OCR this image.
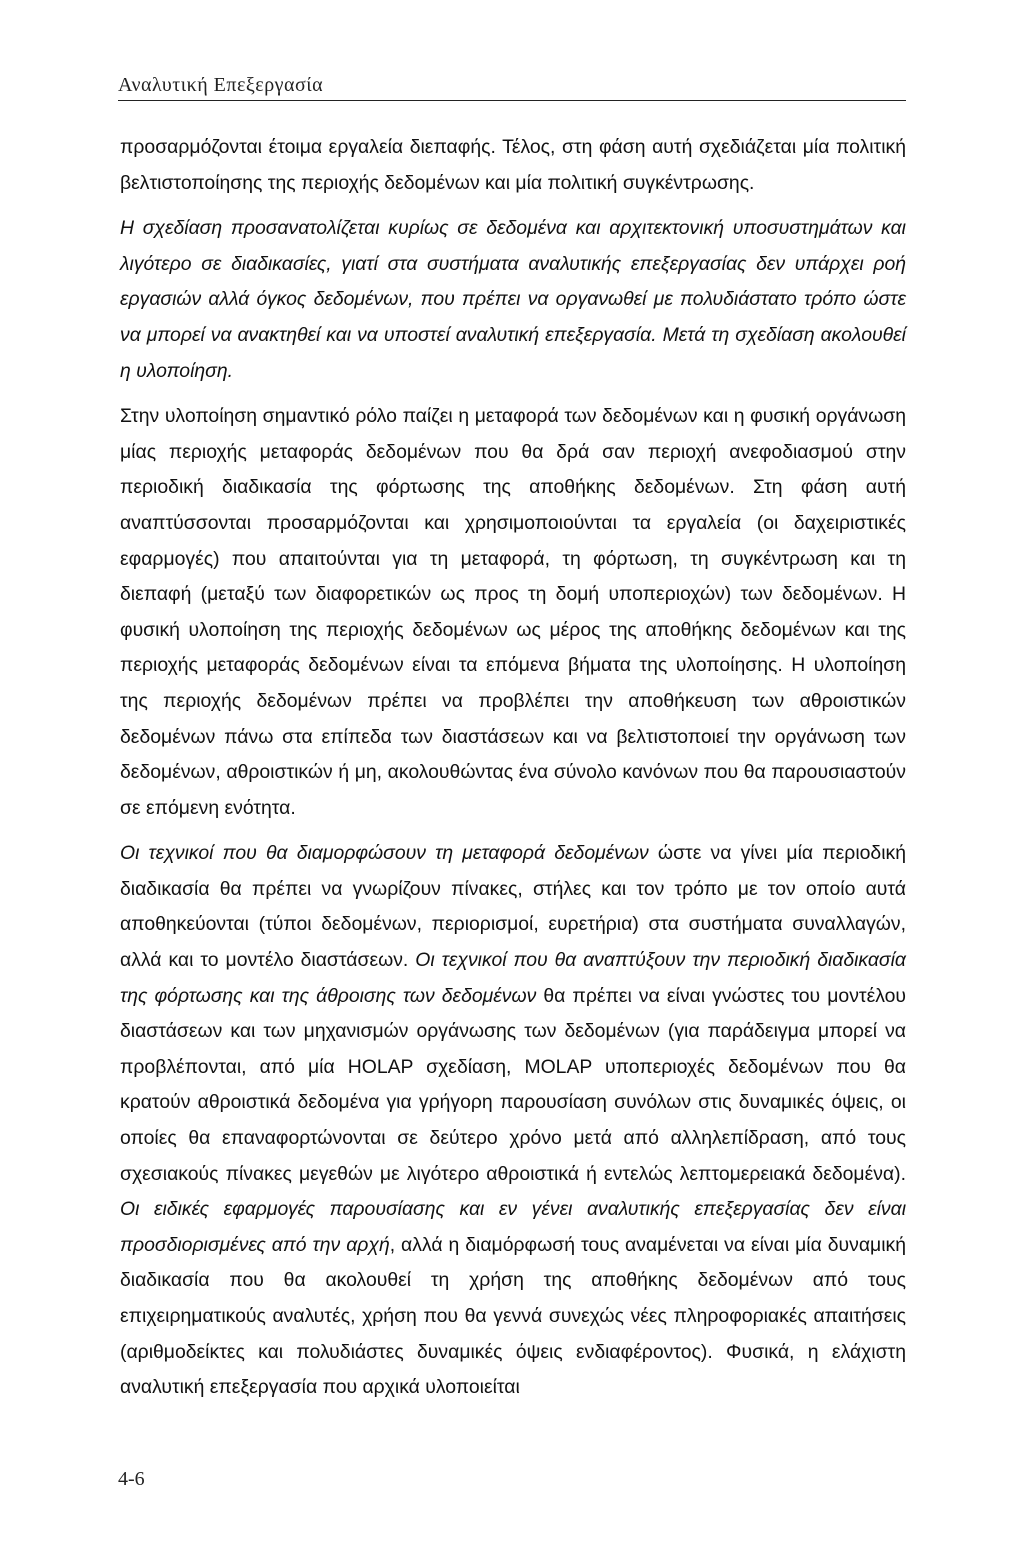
Αναλυτική Επεξεργασία

προσαρμόζονται έτοιμα εργαλεία διεπαφής. Τέλος, στη φάση αυτή σχεδιάζεται μία πολιτική βελτιστοποίησης της περιοχής δεδομένων και μία πολιτική συγκέντρωσης.

Η σχεδίαση προσανατολίζεται κυρίως σε δεδομένα και αρχιτεκτονική υποσυστημάτων και λιγότερο σε διαδικασίες, γιατί στα συστήματα αναλυτικής επεξεργασίας δεν υπάρχει ροή εργασιών αλλά όγκος δεδομένων, που πρέπει να οργανωθεί με πολυδιάστατο τρόπο ώστε να μπορεί να ανακτηθεί και να υποστεί αναλυτική επεξεργασία. Μετά τη σχεδίαση ακολουθεί η υλοποίηση.

Στην υλοποίηση σημαντικό ρόλο παίζει η μεταφορά των δεδομένων και η φυσική οργάνωση μίας περιοχής μεταφοράς δεδομένων που θα δρά σαν περιοχή ανεφοδιασμού στην περιοδική διαδικασία της φόρτωσης της αποθήκης δεδομένων. Στη φάση αυτή αναπτύσσονται προσαρμόζονται και χρησιμοποιούνται τα εργαλεία (οι δαχειριστικές εφαρμογές) που απαιτούνται για τη μεταφορά, τη φόρτωση, τη συγκέντρωση και τη διεπαφή (μεταξύ των διαφορετικών ως προς τη δομή υποπεριοχών) των δεδομένων. Η φυσική υλοποίηση της περιοχής δεδομένων ως μέρος της αποθήκης δεδομένων και της περιοχής μεταφοράς δεδομένων είναι τα επόμενα βήματα της υλοποίησης. Η υλοποίηση της περιοχής δεδομένων πρέπει να προβλέπει την αποθήκευση των αθροιστικών δεδομένων πάνω στα επίπεδα των διαστάσεων και να βελτιστοποιεί την οργάνωση των δεδομένων, αθροιστικών ή μη, ακολουθώντας ένα σύνολο κανόνων που θα παρουσιαστούν σε επόμενη ενότητα.

Οι τεχνικοί που θα διαμορφώσουν τη μεταφορά δεδομένων ώστε να γίνει μία περιοδική διαδικασία θα πρέπει να γνωρίζουν πίνακες, στήλες και τον τρόπο με τον οποίο αυτά αποθηκεύονται (τύποι δεδομένων, περιορισμοί, ευρετήρια) στα συστήματα συναλλαγών, αλλά και το μοντέλο διαστάσεων. Οι τεχνικοί που θα αναπτύξουν την περιοδική διαδικασία της φόρτωσης και της άθροισης των δεδομένων θα πρέπει να είναι γνώστες του μοντέλου διαστάσεων και των μηχανισμών οργάνωσης των δεδομένων (για παράδειγμα μπορεί να προβλέπονται, από μία HOLAP σχεδίαση, MOLAP υποπεριοχές δεδομένων που θα κρατούν αθροιστικά δεδομένα για γρήγορη παρουσίαση συνόλων στις δυναμικές όψεις, οι οποίες θα επαναφορτώνονται σε δεύτερο χρόνο μετά από αλληλεπίδραση, από τους σχεσιακούς πίνακες μεγεθών με λιγότερο αθροιστικά ή εντελώς λεπτομερειακά δεδομένα). Οι ειδικές εφαρμογές παρουσίασης και εν γένει αναλυτικής επεξεργασίας δεν είναι προσδιορισμένες από την αρχή, αλλά η διαμόρφωσή τους αναμένεται να είναι μία δυναμική διαδικασία που θα ακολουθεί τη χρήση της αποθήκης δεδομένων από τους επιχειρηματικούς αναλυτές, χρήση που θα γεννά συνεχώς νέες πληροφοριακές απαιτήσεις (αριθμοδείκτες και πολυδιάστες δυναμικές όψεις ενδιαφέροντος). Φυσικά, η ελάχιστη αναλυτική επεξεργασία που αρχικά υλοποιείται

4-6
